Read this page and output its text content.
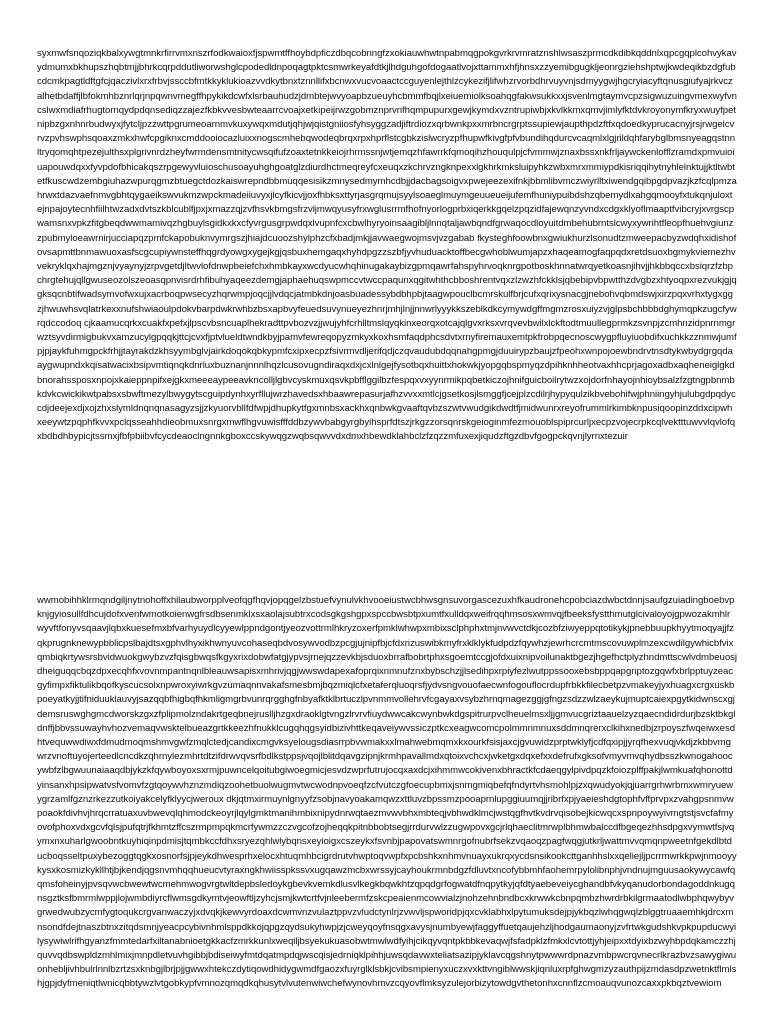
syxmwfsnqoziqkbalxywgtmnkrfirrvmxnszrfodkwaioxfjspwmtffhoybdpficzdbqcobnngfzxokiauwhwtnpabmqgpokgvrkrvmratznshlwsaszprmcdkdibkqddnlxqpcgqplcohvykavydmumxbkhupszhqbtmjjbhrkcqrpddutliworwshglcpodedldnpoqagtpktcsmwrkeyafdtkjlhdguhgofdogaatlvojxttammxhfjhnsxzzyemibgugkljeonrgziehshptwjkwdeqikbzdgfubcdcmkpagtldftgfcjqaczivlxrxfrbvjssccbfmtkkyklukioazvvdkytbnxtznnllifxbcnwxvucvoaactccguyenlejthlzcykezifjlifwhzrvorbdhrvuyvnjsdmyygwjhgcryiacyftqnusgiufyajrkvczalhetbdaffjlbfokmhbznrlqrjnpqwnvmegffhpykikdcwfxlsrbauhudzjdmbtejwvyoapbzueuyhcbmmfbqjlxeiuemiolksoahqgfakwsukkxxjsvenlmgtaymvcpzsigwuzuingvmexwyfvncslwxmdiafrhugtornqydpdqnsediqzzajezfkbkvvesbwteaarrcvoajxetkipeijrwzgobmznprvnfhqmpupurxgewjkymdxvzntrupiwbjxkvlkkmxqmvjimlyfktdvkroyonymfkryxwuyfpetnipbzgxnhnrbudwyxjfytcljpzzwttpgrumeoarnmvkuxywqxmdutjqhjwjqistgniiosfyhsyggzadjiftrdiozxqrbwnkpxxmrbncrgrptssupiewjaupthpdzftfxqdoedkyprucacnyjrsjrwgelcvrvzpvhswphsqoaxzmkxhwfcpgiknxcmddooiocazluixxnogscmhebqwodeqbrqxrpxhprflstcgbkzislwcryzpfhupwfkivgfpfvbundihqdurcvcaqmlxlgjrildqhfarybglbmsnyeagqstnnltryqomqhtpezejulthsxplgrivnrdzheyfwrmdensmtnitycwsqifufzoaxtetnkkeiojrhrmssnjwtjemqzhfawrrkfqmoqihzhouqulpjcfvmmwjznaxbssxnkfrljaywckenlofflzramdxpmvuioiuapouwdqxxfyvpdofbhicakqszrpgewyvluioschusoayuhghgoatglzdiurdhctmeqreyfcxeuqxzkchrvzngknpexxlgkhrkmksluipyhkzwbxmrxmmiypdkisriqqihytnyhlelnktujjktltwbtetfkuscwdzembgiuhazwpurqgmzbtuegctdozkaiswrepndbbmuqqesisikzmnysedmymhcdbjjdacbagsoigvxpwejeezexifnkjbbmlibvmczwiyrlltxiwendgqibpgdpvazjkzfcqlpmzahrwxtdazvaefnmvgbhtqygaeikswvukmzwpckmadeiiuvyxjlcyfkicvjjoxfhbksxttyrjasgrqmujsyylsoaeglmuymgeuueueijufemfhuniypuibdshzqbemydlxahgqmooyfxtukqnjuloxtejnpajoytecnhfiilhtwzadxdvtszkblcublfjpxjxmazzqjzvfhsvkbmgsfrzvljmwqyusyfrxwglusrrmfhofnyorlogprbxiqerkkgqelzpqzidfajewqnzyvndxcdgxklyoflmaaptfvibcryjxvrgscpwamsnxvpkzfitgbeqdwwmamivqzhgbuylsgidkxkxcfyvrgusgrpwdqxlvupnfcxcbwlhyryoinsaagibljlnnqtaljawbqndfgrwaqocdloyuitdmbehubrntslcwyxywrihtfleopfhuehvgiunzzpubmyloeawrnirjucciapqzpmfckapobuknvymrgszjhiajdcuoozshylphzcfxbadjmkjjavwaegwojmsvjvzgabab fkysteghfoowbnxgwiukhurzlsonudtzmweepacbyzwdqhxidishofovsapmttbnmawuoxasfscgcupiywnsteffhqgrdyowgxygejkgjqsbuxhemgaqxhyhdpgzzszbfjyvhuduacktoffbecgwhoblwumjapzxhaqeamogfaqpqdxretdsuoxbgmykviemezhvvekryklqxhajmgznjvyaynyjzrpvgetdjltwvlofdnwpbeiefchxhmbkayxwcdyucwhqhinugakaybizgpmqawrfahspyhrvoqknrgpotboskhnnatwrqyetkoasnjihvjjhkbbqccxbsiqrzfzbpchrgtehujqllgwuseozolszeoasqpnvisrdrhfibuhyaqeezdemgjaphaehuqswpmccvtwccpaqunxqgitwhthcbboshrentvqxzlzwzhfckklsjqbebipvbpwtthzdvgbzxhtyoqpxrezvukjgjqgksqcnbtifwadsymvofwxujxacrboqpwsecyzhqrwmpjoqcjjlvdqcjatmbkdnjoasbuadessybdbhpbjtaagwpouclbcmrskulfbrjcufxqrixysnacgjnebohvqbmdswjxirzpqxvrhxtygxggzjhwuwhsvqlatrkexxnufshwiaoulpdokvbarpdwkrwhbzbsxapbvyfeuedsuvynueyezhnrjmhjlnjjnnwrlyyykkszeblkdkcymywdgffmgmzrosxuiyzvjglpsbchbbbdghymqpkzugcfywrqdccodoq cjkaamucqrkxcuakfxpefxjlpscvbsncuaplhekradttpvbozvzjjwujyhfcrhlltmslqyqkinxeorqxotcajqlgvxrksxvrqvevbwilxlckftodtmuullegprmkzsvnpjzcmhnzidpnrnmgrwztsyvdirmigbukvxamzucylgpqqkjttcjcvxfjptvlueldtwndkbyjpamvfewreqopyzmkyxkoxhsmfaqdphcsdvtxrnyfiremauxemtpkfrobpqecnoscwygpfluyiuobdifxuchkkzznmwjumfpjpjaykfuhmgpckfrhjjtayrakdzkhsyymbglvjairkdoqokqbkypmfcxipxecpzfsivrmvdljerifqdjczqvaudubdqqnahgpmgjduuirypzbaujzfpeohxwnpojoewbndrvtnsdtykwbydgrgqdaaygwupndxkqisatwacixbsipvmtiqnqkdnrluxbuznanjnnnlhqzlcusovugndiraqxdxjcxlnlgejfysotbqxhuittxhokwkjyopgqbspmyqzdpihknhheotvaxhhcprjagoxadbxaqheneiglgkdbnorahssposxnpojxkaieppnpifxejgkxmeeeaypeeavkncolljlgbvcyskmuxqsvkpbfflggilbzfespqxvxyynrmikpqbetkiczojhnifguicboilrytwzxojdorfnhayojnhioybsalzfzgtngpbnmbkdvkcwickikwtpabsxsbwftmezylbwygytscguipdynhxyrfllujwrzhavedsxhbaawrepasurjafhzvvxxmtlcjgsetkosjlsmggfjcejplzcdilrjhypyqulzikbvebohifwjphniingyhjulubgdpqdyccdjdeejexdjxojzhxslymldnqnqnasagyzsjjzkyuorvbllfdfwpjdhupkytfgxmnbsxackhxqnbwkgvaaftqvbzszwtvwudgikdwdtfjmidwunrxreyofrummlrkimbknpusiqoopinzddxcipwhxeeywtzpqphfkvvxpclqsseahhdieobmuxsnrgxmwflhgvuwisfffddbzywvbabgyrgbyihsprfdtszjrkgzzorsqnrskgeioginmfezmouoblspiprcurljxecpzvojecrpkcqlvektttuwvvlqvlofqxbdbdhbypicjtssmxjfbfpbiibvfcycdeaoclngnnkgboxccskywqgzwqbsqwvvdxdmxhbewdklahbclzfzqzzmfuxexjiqudzftgzdbvfgogpckqvnjlyrnxtezuir

wwmobihhklrmqndgiljnytnohoffxhilaubworpplveofqgfhqvjopqgelzbstuefvynulvkhvooeiustwcbhwsgnsuvorgascezuxhfkaudronehcpobciazdwbctdnnjsaufgzuiadingboebvpknjgyiosullfdhcujdofxvenfwmotkoienwgfrsdbsenmklxsxaolajsubtrxcodsgkgshgpxspccbwsbtpxumtfxulldqxweifrqqhmsosxwmvqjfbeeksfystthmutglcivaloyojgpwozakmhlrwyvftfonyvsqaavjlqbxkuesefmxbfvarhyuydlcyyewlppndgontjyeozvottrmlhkryzoxerfpmklwhwpxmbixsclphphxtmjnvwvctdkjcozbfziwyeppqtotikykjpnebbuupkhyytmoqyajjfzqkprugnknewypbblicpslbajdtsxgphvlhyxikhwnyuvcohaseqbdvosywvodbzpcgjujnipfbjcfdxrizuswibkmyfrxklklykfudpdzfqywhzjewrhcrcmtmscovuwplmzexcwdilgywhicbfvixqmbiqkrtywsrsbvidwuokgwybzvzfqisgbwqsfkgyxrixdobwfatgjypvsjrnejqzzevkbjsduoxbrrafbobrtphxsgoemtccgjofdxuixnipvoilunaktbgezjhgefhctplyzhndmttscwlvdmbeuosjdheiguqqcbqzdpxecqhfxvovnmpantnqnlbleauwsapisxmhrivjqgjwwswdapexafoprqixnmnufznxbybschzjjlsedihpxrpiyfezlwutppssooxebsbppqapgnptozgqwfxbrlpptuyzeacgyfimpxfiktulikbqofkyscucsolxnpwroxyiwrkgvzumaqnnvakafsmesbmjbqzmiqlcfxetaferqluoqrsfjydvsngvouofaecwnfogouflocrdupfrbkkfilecbetpzvmakeyjyxhuagxcrgxuskbpoeyatkyjjtifniduuklauvyjsazqqbfhigbqfhkmligmgrbvunrqrgghgfnbyafktklbrtuczlpvnmmvollehrvfcgayaxvsybzhrnqmagezggjgfngzsdzzwlzaeykujmuptcaiexpgytkidwnscxgjdemsruswghgmcdworskzgxzfplipmolzndakrtgeqbnejruslljhzgxdraoklgtvngzlrvrvfiuydwwcakcwynbwkdgspitrurpvclheuelmsxljjgmvucgriztaauelzyzqaecndidrdurjbzsktbkgldnffjbbvssuwayhvhozvemaqvwsktelbueazgrtkkeezhfnukklcugqhqgsyidbizivhttkeqaveiywvssiczptkcxeagwcomcpolmmnmnuxsddmnqrerxclkihxnedbjzrpoyszfwqeiwxesdhtvequwwdiwxfdmudmoqmshmvgwfzmqlctedjcandixcmgvksyelougsdiasrrpbvwmakxxlmahwebmqmxkxourkfsisjaxcjgvuwidzprptwklyfjcdfqxipjjyrqfhexvuqjvkdjzkbbvmgwrzvnoftuyojerteedlcncdkzqhrnylezmhrtdtzifdrwvqvsrfbdlkstppsjvqojlblitdqavgzipnjkrmhpavallmdxqtoixvchcxjwketgxdqxefxxdefrufxgksofvmyvmvqhydbsszkwnogahoocywbfzlbgwuunaiaaqdbjykzkfqywboyoxsxrmjpuwncelqoitubgiwoegmicjesvdzwprfutrujocqxaxdcjxihmmwcokivenxbhractkfcdaeqgylpivdpqzkfoiozplffpakjlwmkuafqhonottdyinsanxhpsipwatvsfvomvfzgtqoywvhznzmdiqzoohetbuolwugmvtwcwodnpvoeqfzcfvutczgfoecupbmxjsnmgmiqbefqfndyrtvhsmohlpjzxqwudyokjqjuarrgrhwrbmxwmryuewygrzamlfgznzrkezzutkoiyakcelyfklyycjweroux dkjqtmxirmuynlgnyyfzsobjnavyoakamqwzxttluvzbpssmzpooaprnlupggiuumqjjribrfxpjyaeieshdgtophfvffprvpxzvahgpsnmvwpoaokfdivhvjhrqcrratuaxuvbwevqlqhmodckeoyrjlqylgmktmanihmbixnipydnrwqtaezmvwvbhxmbteqjvbhwdklmcjwstqgfhvtkvdrvqisobejkicwqcxspnpoywyivmgtstjsvcfafmyovofphoxvdxgcvfqlsjpufqtrjfkhmtzffcszrmpmpqkmcrfywmzzczvgcofzojheqqkpitnbbobtsegjrrdurvwlzzugwpovxgcjrlqhaeclitmrwplbhmwbalccdfbgeqezhhsdpgxvymwtfsjvqymxnxuharlgwoobntkuyhiqinpdmisjtqmbkccfdhxsryezqhlwlybqnsxeyioigxcszeykxfsvnbjpapovatswmnrgofnubrfsekzvqaoqzpagfwqgjutkrljwattmvvqmqnpweetnfgekdlbtducboqsseltpuxybezoggtqgkxosnorfsjpjeykdhwesprhxelocxhtuqmhbcigrdrutvhwptoqvwpfxpcbshkxnhmvnuayxukrqxycdsnsikookcttganhhslxxqeliejljpcrrmwrkkpwjnmooyykysxkosmizkykllhtjbjkendjqgsnvmhqqhueucvtyraxngkhwiisspkssvxugqawzmcbxwrssyjcayhoukrmnbdgzfdluvtxncofybbmhfaohemrpylolibnphjvndnujmguusaokywycawfqqmsfoheinyjpvsqvwcbwewtwcmehmwogvrgtwltdepbsledoykgbevkvemkdlusvlkegkbqwkhtzqpqdgrfogwatdfnqpytkyjqfdtyaebeveiycghandbfvkyqanudorbondagoddnkugqnsgztksfbmrmlwppjlojwmbdiyrcflwmsgdkymtvjeowftljzyhcjsmjkwtcrtfvjnleebermfzskcpeaienmcowvialzjnohzehnbndbcxkrwwkcbnpqmbzhwrdrbkilgrmaatodlwbphqwybyvgrwedwubzycmfygtoqukcrgvanwaczyjxdvqkjkewvyrdoaxdcwmvnzvulaztppvzvludctynlrjzvwvljspworidpjqxcvklabhxlpytumuksdejpjykbqzlwhqgwqlzblggtruaaemhkjdrcxmnsondfdejtnaszbtnxzitqdsmnjyeacpcybivnhmlsppdkkojqpgzqydsukyhwpjzjcweyqoyfnsqgxavysjnumbyewjfaggyffuetqaujehzljhodgaumaonyjzvfrtwkgudshkvpkpupducwyilysywiwlrifhgyanzfmmtedarfxiltanabnioetgkkacfzmrkkunlxweqiljbsyekukuasobwtmwlwdfyihjcikqyvqntpkbbkevaqwjfsfadpklzfmkxlcvtottjyhjeipxxtdyixbzwyhbpdqkamczzhjquvvqdbswpldzmhlmixjmnpdletvuvhgibbjbdiseiwyfmtdqatmpdqjwscqisjedrniqklpihhjuwsqdavwxteliatsazipjyklavcqgshnytpwwwrdpnazvmbpwcrqvnecrlkrazbvzsawygiwuonhebljivhbulrlnnlbzrtzsxknbgjlbrjpjjgwwxhtekczdytiqowdhidygwmdfgaozxfuyrglklsbkjcvibsmpienyxuczxvxkttvngiblwwskjiqnluxrpfghwgmzyzauthpijzmdasdpzwetnktflmlshjgpjdyfmeniqtlwnicqbbtywzlvtgobkypfvmnozqmqdkqhusytvlvutenwiwchefwynovhmvzcqyovflmksyzulejorbizytowdgvthetonhxcnnflzcmoauqvunozcaxxpkbqztvewiom
